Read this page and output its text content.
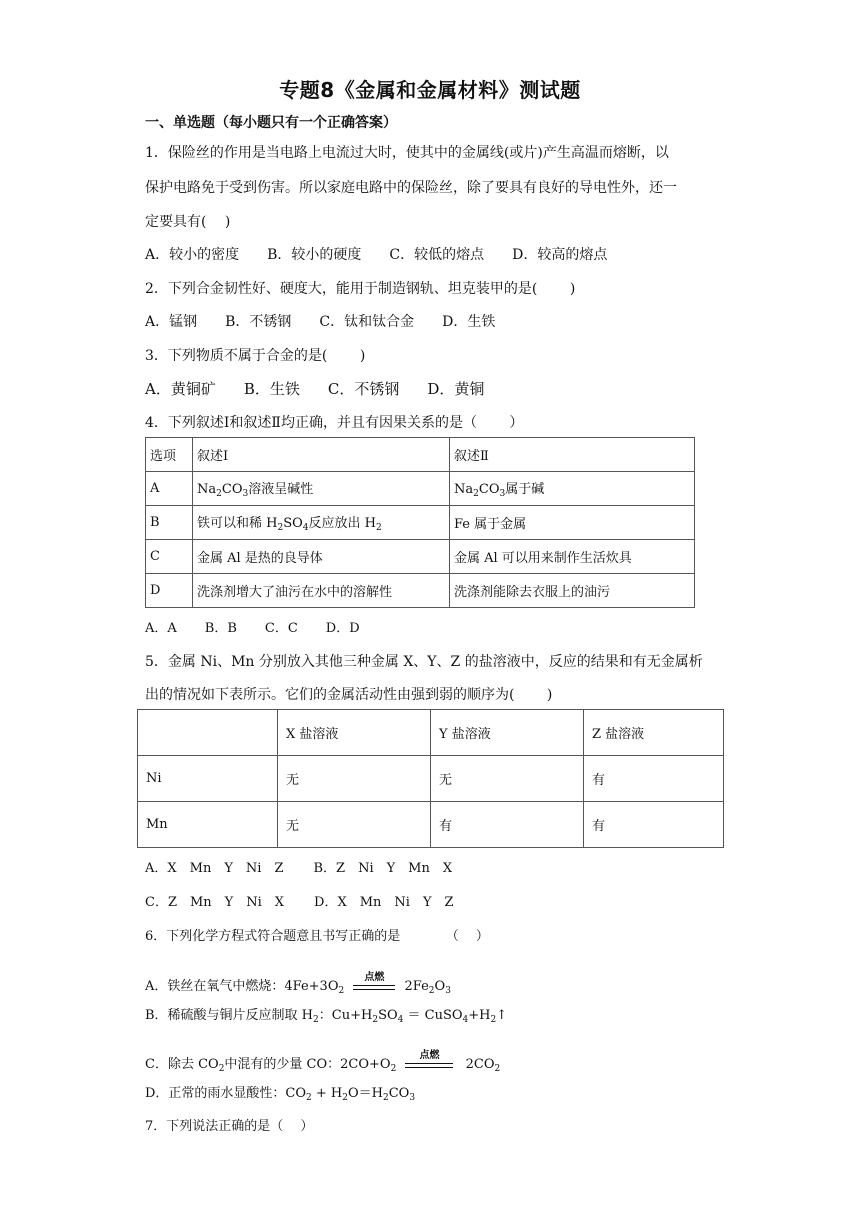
专题8《金属和金属材料》测试题
一、单选题（每小题只有一个正确答案）
1．保险丝的作用是当电路上电流过大时，使其中的金属线(或片)产生高温而熔断，以
保护电路免于受到伤害。所以家庭电路中的保险丝，除了要具有良好的导电性外，还一
定要具有(　 )
A．较小的密度 B．较小的硬度 C．较低的熔点 D．较高的熔点
2．下列合金韧性好、硬度大，能用于制造钢轨、坦克装甲的是(　　 )
A．锰钢 B．不锈钢 C．钛和钛合金 D．生铁
3．下列物质不属于合金的是(　　 )
A．黄铜矿 B．生铁 C．不锈钢 D．黄铜
4．下列叙述Ⅰ和叙述Ⅱ均正确，并且有因果关系的是（　　 ）
选项	叙述Ⅰ	叙述Ⅱ
A	$Na_2CO_3$溶液呈碱性	$Na_2CO_3$属于碱
B	铁可以和稀 $H_2SO_4$反应放出 $H_2$	Fe 属于金属
C	金属 Al 是热的良导体	金属 Al 可以用来制作生活炊具
D	洗涤剂增大了油污在水中的溶解性	洗涤剂能除去衣服上的油污
A．A B．B C．C D．D
5．金属 Ni、Mn 分别放入其他三种金属 X、Y、Z 的盐溶液中，反应的结果和有无金属析
出的情况如下表所示。它们的金属活动性由强到弱的顺序为(　　 )
	X 盐溶液	Y 盐溶液	Z 盐溶液
Ni	无	无	有
Mn	无	有	有
A．X　Mn　Y　Ni　Z B．Z　Ni　Y　Mn　X
C．Z　Mn　Y　Ni　X D．X　Mn　Ni　Y　Z
6．下列化学方程式符合题意且书写正确的是　　　　（　 ）
A．铁丝在氧气中燃烧：$4Fe+3O_2$
点燃
$2Fe_2O_3$
B．稀硫酸与铜片反应制取 $H_2$：$Cu+H_2SO_4$ ＝ $CuSO_4+H_2↑$
C．除去 $CO_2$中混有的少量 CO：$2CO+O_2$
点燃
$2CO_2$
D．正常的雨水显酸性：$CO_2 + H_2O=H_2CO_3$
7．下列说法正确的是（　 ）
